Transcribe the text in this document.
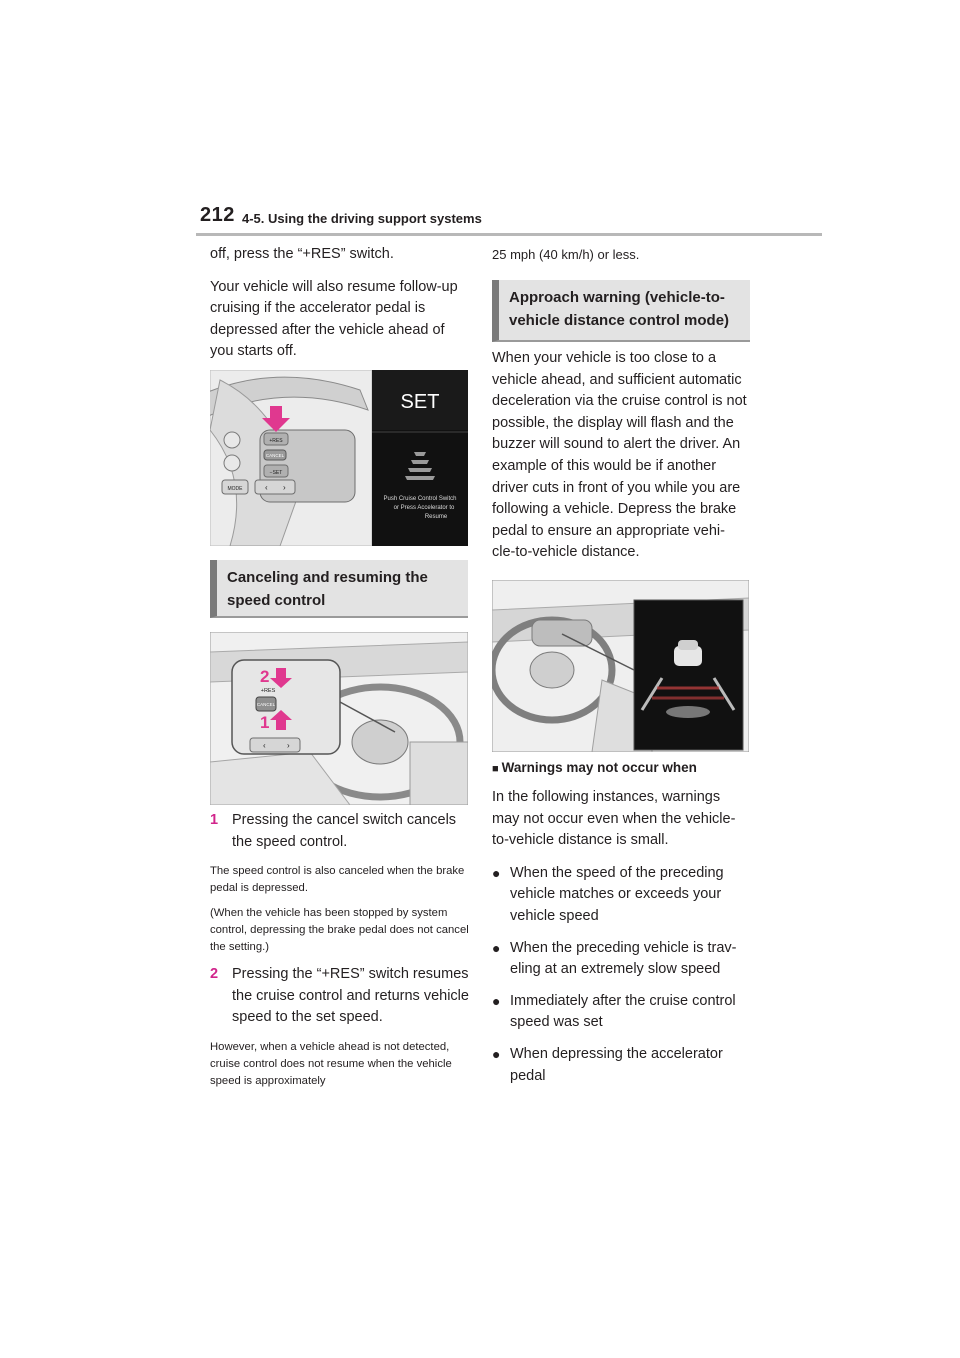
212 4-5. Using the driving support systems

off, press the “+RES” switch.

Your vehicle will also resume follow-up cruising if the accelerator pedal is depressed after the vehicle ahead of you starts off.

+RES
CANCEL
−SET
MODE	‹ ›
SET
Push Cruise Control Switch
or Press Accelerator to
Resume
Canceling and resuming the speed control
CANCEL
+RES
‹	›
2
1
1 Pressing the cancel switch cancels the speed control.

The speed control is also canceled when the brake pedal is depressed.

(When the vehicle has been stopped by system control, depressing the brake pedal does not cancel the setting.)

2 Pressing the “+RES” switch resumes the cruise control and returns vehicle speed to the set speed.

However, when a vehicle ahead is not detected, cruise control does not resume when the vehicle speed is approximately

25 mph (40 km/h) or less.

Approach warning (vehicle-to-vehicle distance control mode)

When your vehicle is too close to a vehicle ahead, and sufficient automatic deceleration via the cruise control is not possible, the display will flash and the buzzer will sound to alert the driver. An example of this would be if another driver cuts in front of you while you are following a vehicle. Depress the brake pedal to ensure an appropriate vehi-cle-to-vehicle distance.

■ Warnings may not occur when

In the following instances, warnings may not occur even when the vehicle-to-vehicle distance is small.

● When the speed of the preceding vehicle matches or exceeds your vehicle speed
● When the preceding vehicle is trav-eling at an extremely slow speed
● Immediately after the cruise control speed was set
● When depressing the accelerator pedal
